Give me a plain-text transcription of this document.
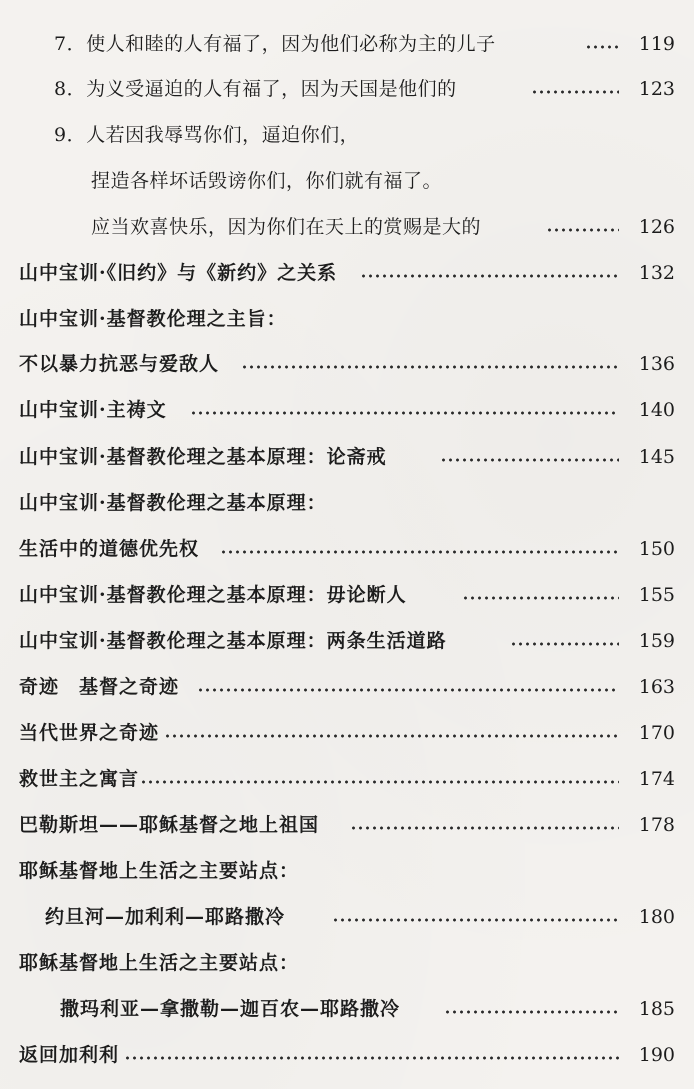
7．使人和睦的人有福了，因为他们必称为主的儿子	119
8．为义受逼迫的人有福了，因为天国是他们的	123
9．人若因我辱骂你们，逼迫你们，
捏造各样坏话毁谤你们，你们就有福了。
应当欢喜快乐，因为你们在天上的赏赐是大的	126
山中宝训·《旧约》与《新约》之关系	132
山中宝训·基督教伦理之主旨：
不以暴力抗恶与爱敌人	136
山中宝训·主祷文	140
山中宝训·基督教伦理之基本原理：论斋戒	145
山中宝训·基督教伦理之基本原理：
生活中的道德优先权	150
山中宝训·基督教伦理之基本原理：毋论断人	155
山中宝训·基督教伦理之基本原理：两条生活道路	159
奇迹　基督之奇迹	163
当代世界之奇迹	170
救世主之寓言	174
巴勒斯坦——耶稣基督之地上祖国	178
耶稣基督地上生活之主要站点：
约旦河—加利利—耶路撒冷	180
耶稣基督地上生活之主要站点：
撒玛利亚—拿撒勒—迦百农—耶路撒冷	185
返回加利利	190
